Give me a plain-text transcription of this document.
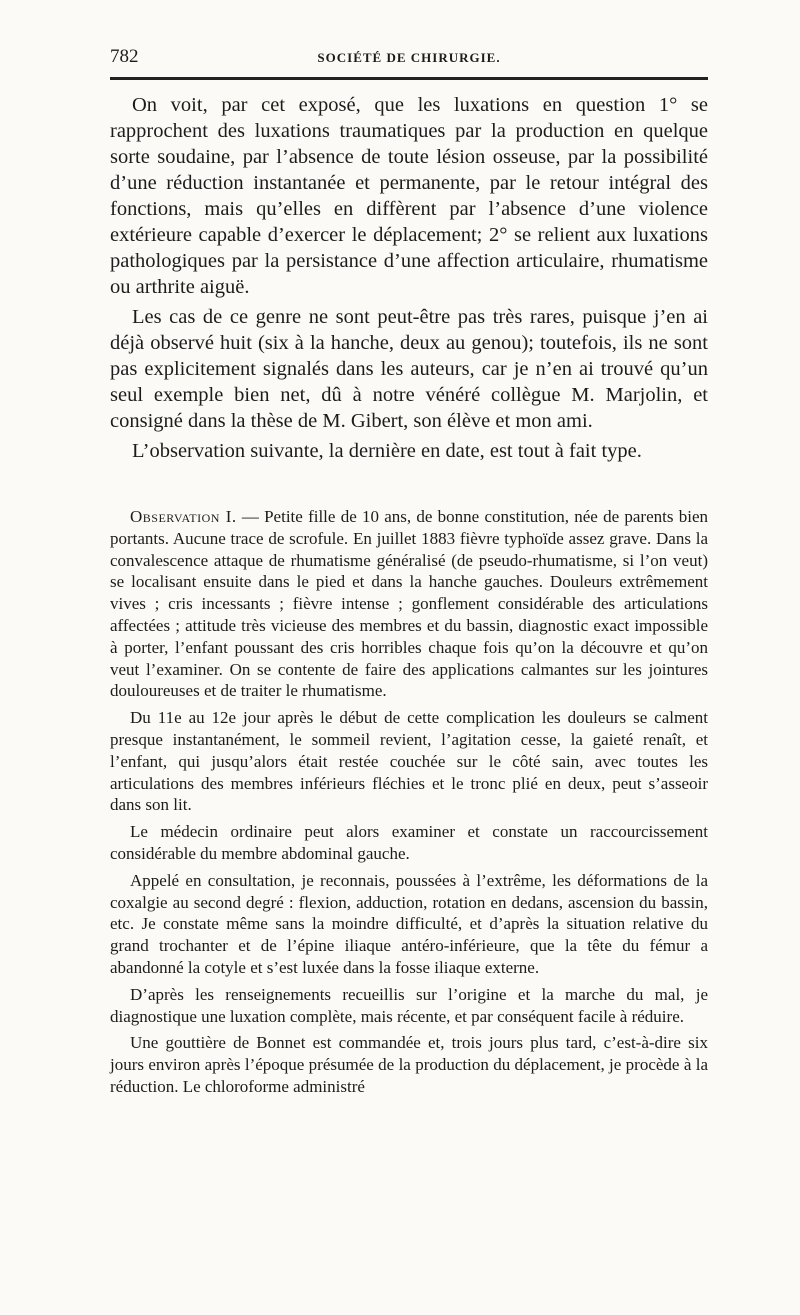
782	SOCIÉTÉ DE CHIRURGIE.

On voit, par cet exposé, que les luxations en question 1° se rapprochent des luxations traumatiques par la production en quelque sorte soudaine, par l’absence de toute lésion osseuse, par la possibilité d’une réduction instantanée et permanente, par le retour intégral des fonctions, mais qu’elles en diffèrent par l’absence d’une violence extérieure capable d’exercer le déplacement; 2° se relient aux luxations pathologiques par la persistance d’une affection articulaire, rhumatisme ou arthrite aiguë.

Les cas de ce genre ne sont peut-être pas très rares, puisque j’en ai déjà observé huit (six à la hanche, deux au genou); toutefois, ils ne sont pas explicitement signalés dans les auteurs, car je n’en ai trouvé qu’un seul exemple bien net, dû à notre vénéré collègue M. Marjolin, et consigné dans la thèse de M. Gibert, son élève et mon ami.

L’observation suivante, la dernière en date, est tout à fait type.

Observation I. — Petite fille de 10 ans, de bonne constitution, née de parents bien portants. Aucune trace de scrofule. En juillet 1883 fièvre typhoïde assez grave. Dans la convalescence attaque de rhumatisme généralisé (de pseudo-rhumatisme, si l’on veut) se localisant ensuite dans le pied et dans la hanche gauches. Douleurs extrêmement vives ; cris incessants ; fièvre intense ; gonflement considérable des articulations affectées ; attitude très vicieuse des membres et du bassin, diagnostic exact impossible à porter, l’enfant poussant des cris horribles chaque fois qu’on la découvre et qu’on veut l’examiner. On se contente de faire des applications calmantes sur les jointures douloureuses et de traiter le rhumatisme.

Du 11e au 12e jour après le début de cette complication les douleurs se calment presque instantanément, le sommeil revient, l’agitation cesse, la gaieté renaît, et l’enfant, qui jusqu’alors était restée couchée sur le côté sain, avec toutes les articulations des membres inférieurs fléchies et le tronc plié en deux, peut s’asseoir dans son lit.

Le médecin ordinaire peut alors examiner et constate un raccourcissement considérable du membre abdominal gauche.

Appelé en consultation, je reconnais, poussées à l’extrême, les déformations de la coxalgie au second degré : flexion, adduction, rotation en dedans, ascension du bassin, etc. Je constate même sans la moindre difficulté, et d’après la situation relative du grand trochanter et de l’épine iliaque antéro-inférieure, que la tête du fémur a abandonné la cotyle et s’est luxée dans la fosse iliaque externe.

D’après les renseignements recueillis sur l’origine et la marche du mal, je diagnostique une luxation complète, mais récente, et par conséquent facile à réduire.

Une gouttière de Bonnet est commandée et, trois jours plus tard, c’est-à-dire six jours environ après l’époque présumée de la production du déplacement, je procède à la réduction. Le chloroforme administré
